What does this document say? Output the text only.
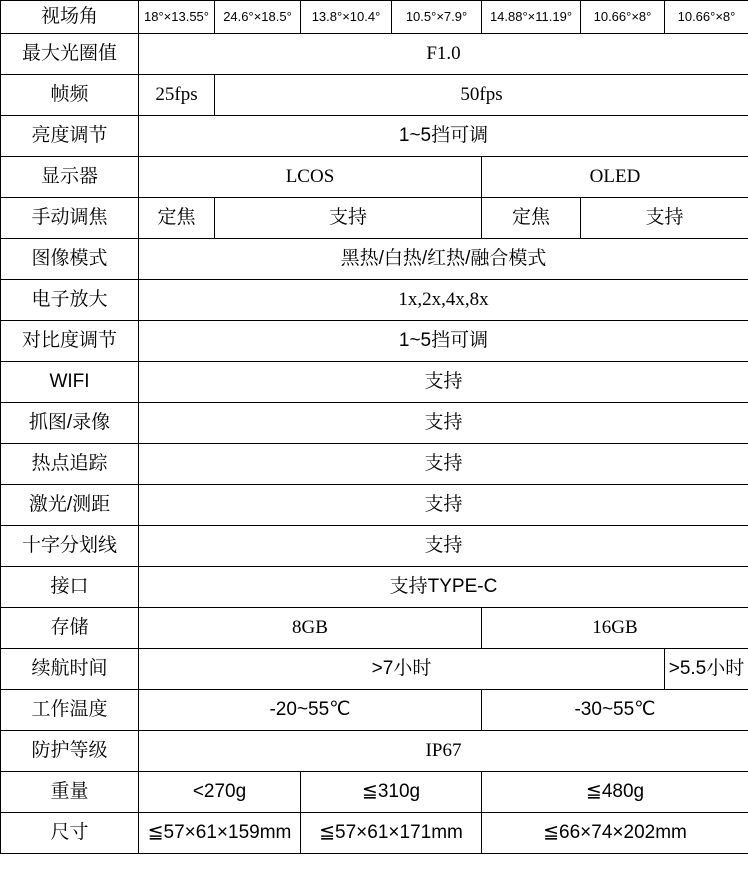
视场角	18°×13.55°	24.6°×18.5°	13.8°×10.4°	10.5°×7.9°	14.88°×11.19°	10.66°×8°	10.66°×8°
最大光圈值	F1.0						
帧频	25fps	50fps					
亮度调节	1~5挡可调						
显示器	LCOS				OLED		
手动调焦	定焦	支持			定焦	支持	
图像模式	黑热/白热/红热/融合模式						
电子放大	1x,2x,4x,8x						
对比度调节	1~5挡可调						
WIFI	支持						
抓图/录像	支持						
热点追踪	支持						
激光/测距	支持						
十字分划线	支持						
接口	支持TYPE-C						
存储	8GB				16GB		
续航时间	>7小时						>5.5小时
工作温度	-20~55℃				-30~55℃		
防护等级	IP67						
重量	<270g		≦310g		≦480g		
尺寸	≦57×61×159mm		≦57×61×171mm		≦66×74×202mm		
